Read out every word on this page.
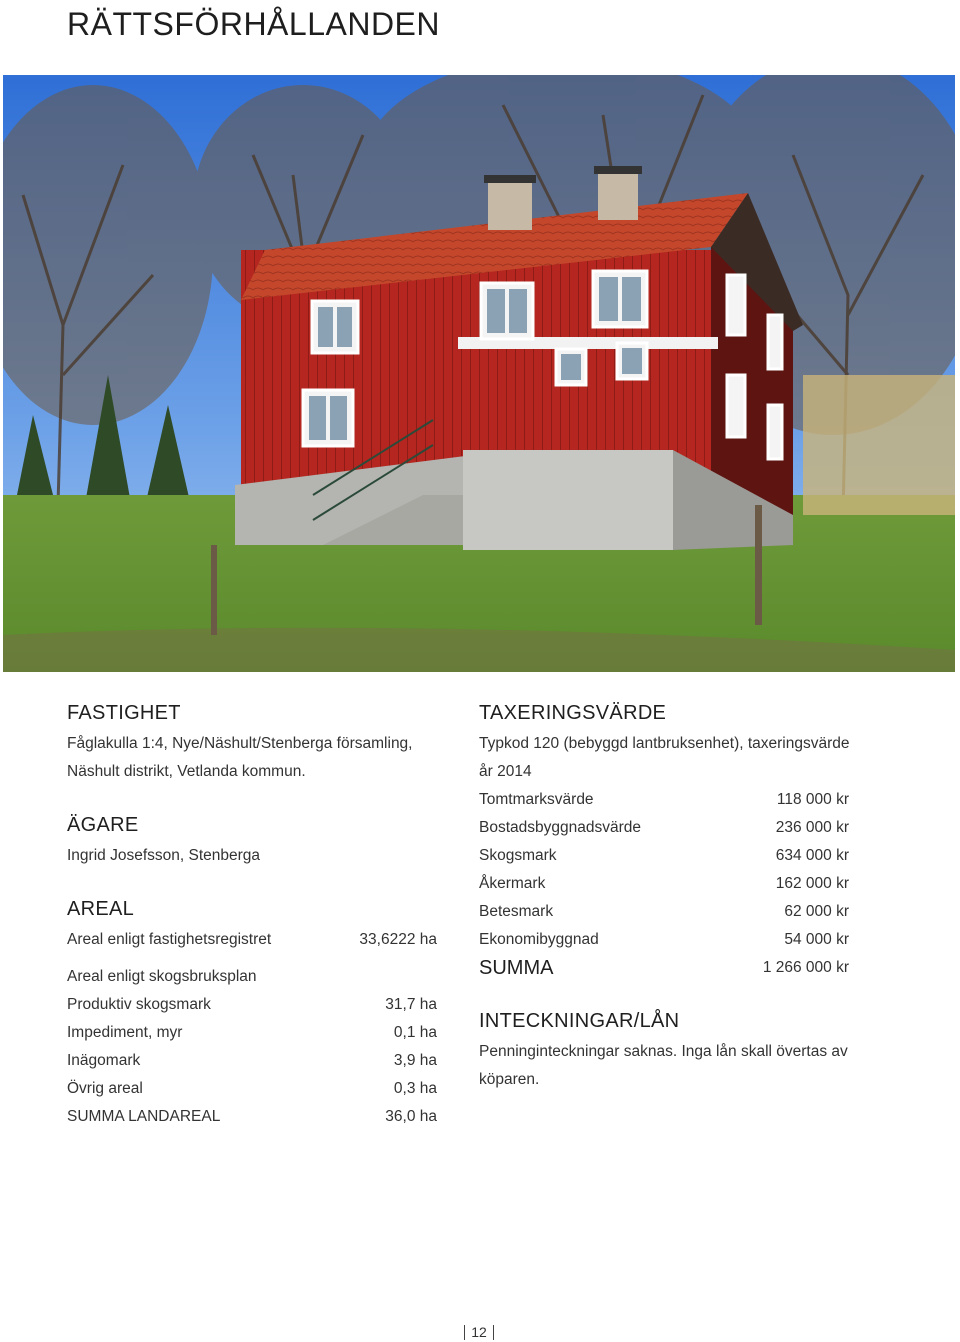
RÄTTSFÖRHÅLLANDEN
FASTIGHET
Fåglakulla 1:4, Nye/Näshult/Stenberga församling,
Näshult distrikt, Vetlanda kommun.
ÄGARE
Ingrid Josefsson, Stenberga
AREAL
Areal enligt fastighetsregistret	33,6222 ha
Areal enligt skogsbruksplan
Produktiv skogsmark	31,7 ha
Impediment, myr	0,1 ha
Inägomark	3,9 ha
Övrig areal	0,3 ha
SUMMA LANDAREAL	36,0 ha
TAXERINGSVÄRDE
Typkod 120 (bebyggd lantbruksenhet), taxeringsvärde
år 2014
Tomtmarksvärde	118 000 kr
Bostadsbyggnadsvärde	236 000 kr
Skogsmark	634 000 kr
Åkermark	162 000 kr
Betesmark	62 000 kr
Ekonomibyggnad	54 000 kr
SUMMA	1 266 000 kr
INTECKNINGAR/LÅN
Penninginteckningar saknas. Inga lån skall övertas av
köparen.
12
